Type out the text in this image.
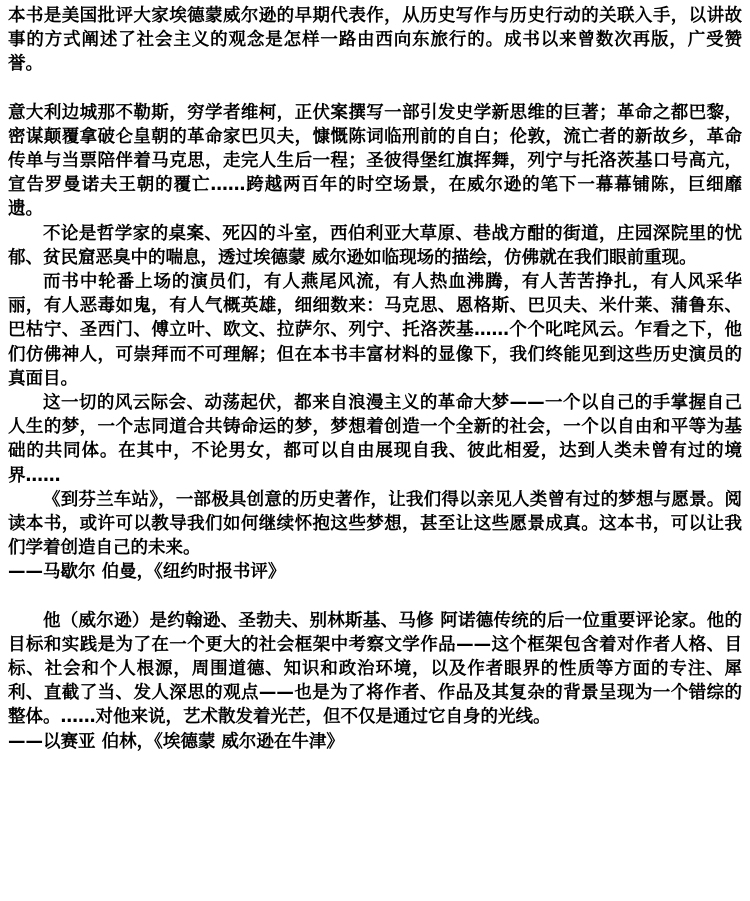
本书是美国批评大家埃德蒙威尔逊的早期代表作，从历史写作与历史行动的关联入手，以讲故事的方式阐述了社会主义的观念是怎样一路由西向东旅行的。成书以来曾数次再版，广受赞誉。

意大利边城那不勒斯，穷学者维柯，正伏案撰写一部引发史学新思维的巨著；革命之都巴黎，密谋颠覆拿破仑皇朝的革命家巴贝夫，慷慨陈词临刑前的自白；伦敦，流亡者的新故乡，革命传单与当票陪伴着马克思，走完人生后一程；圣彼得堡红旗挥舞，列宁与托洛茨基口号高亢，宣告罗曼诺夫王朝的覆亡……跨越两百年的时空场景，在威尔逊的笔下一幕幕铺陈，巨细靡遗。

不论是哲学家的桌案、死囚的斗室，西伯利亚大草原、巷战方酣的街道，庄园深院里的忧郁、贫民窟恶臭中的喘息，透过埃德蒙 威尔逊如临现场的描绘，仿佛就在我们眼前重现。

而书中轮番上场的演员们，有人燕尾风流，有人热血沸腾，有人苦苦挣扎，有人风采华丽，有人恶毒如鬼，有人气概英雄，细细数来：马克思、恩格斯、巴贝夫、米什莱、蒲鲁东、巴枯宁、圣西门、傅立叶、欧文、拉萨尔、列宁、托洛茨基……个个叱咤风云。乍看之下，他们仿佛神人，可崇拜而不可理解；但在本书丰富材料的显像下，我们终能见到这些历史演员的真面目。

这一切的风云际会、动荡起伏，都来自浪漫主义的革命大梦——一个以自己的手掌握自己人生的梦，一个志同道合共铸命运的梦，梦想着创造一个全新的社会，一个以自由和平等为基础的共同体。在其中，不论男女，都可以自由展现自我、彼此相爱，达到人类未曾有过的境界……

《到芬兰车站》，一部极具创意的历史著作，让我们得以亲见人类曾有过的梦想与愿景。阅读本书，或许可以教导我们如何继续怀抱这些梦想，甚至让这些愿景成真。这本书，可以让我们学着创造自己的未来。

——马歇尔 伯曼，《纽约时报书评》

他（威尔逊）是约翰逊、圣勃夫、别林斯基、马修 阿诺德传统的后一位重要评论家。他的目标和实践是为了在一个更大的社会框架中考察文学作品——这个框架包含着对作者人格、目标、社会和个人根源，周围道德、知识和政治环境，以及作者眼界的性质等方面的专注、犀利、直截了当、发人深思的观点——也是为了将作者、作品及其复杂的背景呈现为一个错综的整体。……对他来说，艺术散发着光芒，但不仅是通过它自身的光线。

——以赛亚 伯林，《埃德蒙 威尔逊在牛津》
